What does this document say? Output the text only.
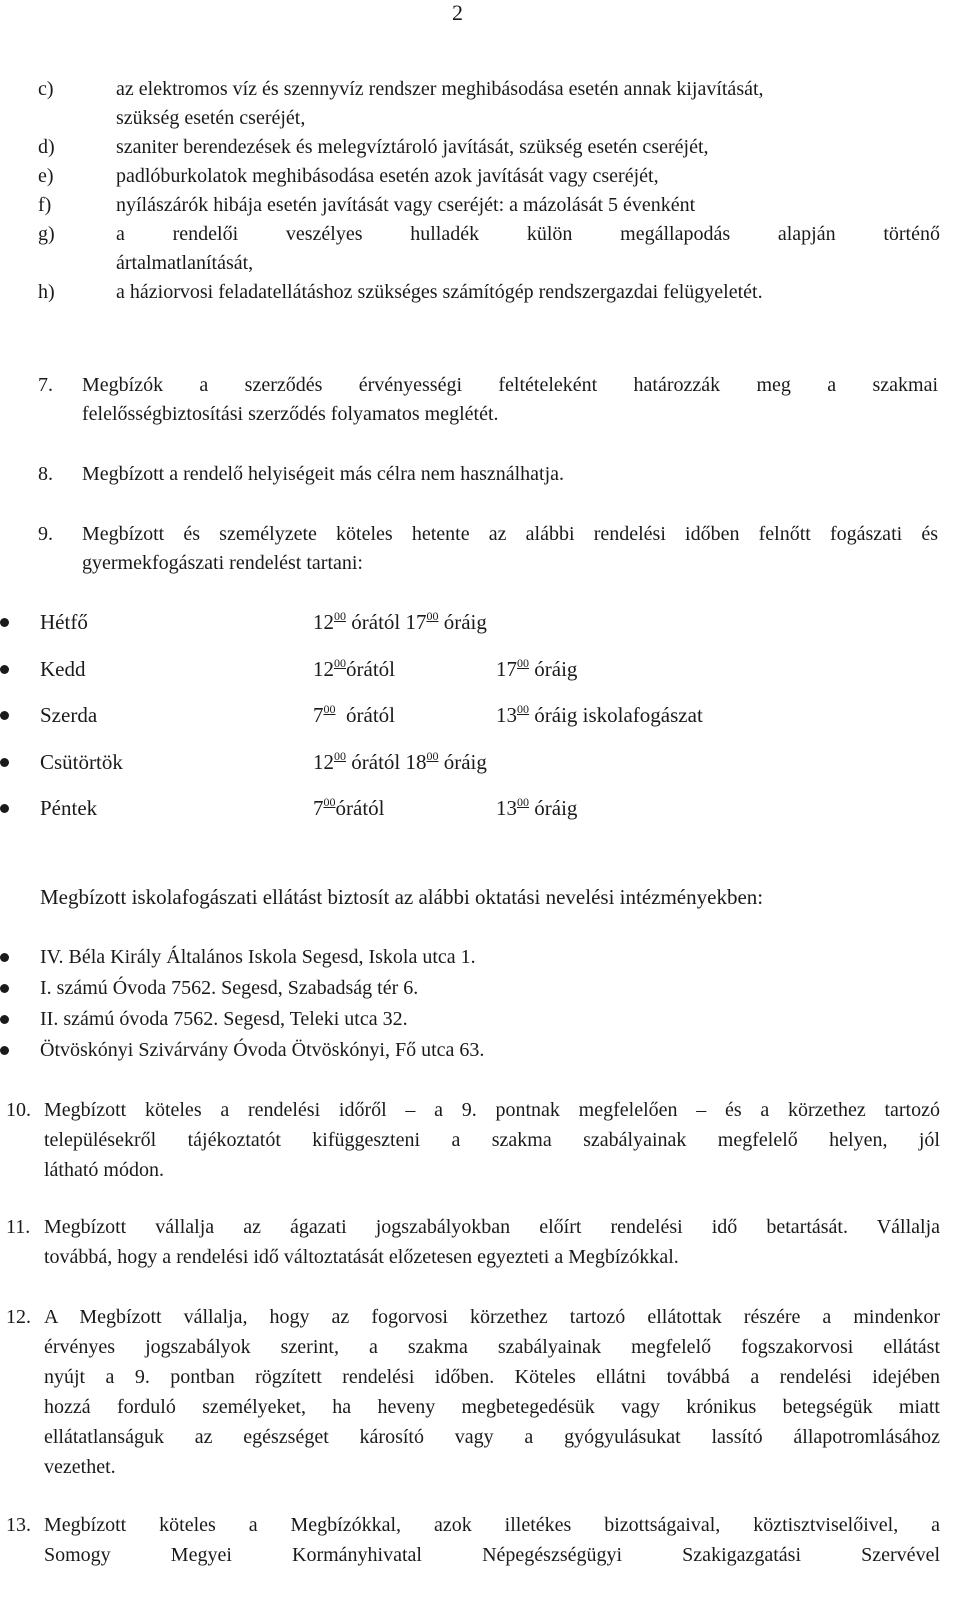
2
c)	az elektromos víz és szennyvíz rendszer meghibásodása esetén annak kijavítását,
szükség esetén cseréjét,
d)	szaniter berendezések és melegvíztároló javítását, szükség esetén cseréjét,
e)	padlóburkolatok meghibásodása esetén azok javítását vagy cseréjét,
f)	nyílászárók hibája esetén javítását vagy cseréjét: a mázolását 5 évenként
g)	a rendelői veszélyes hulladék külön megállapodás alapján történő
ártalmatlanítását,
h)	a háziorvosi feladatellátáshoz szükséges számítógép rendszergazdai felügyeletét.
7. Megbízók a szerződés érvényességi feltételeként határozzák meg a szakmai
felelősségbiztosítási szerződés folyamatos meglétét.
8. Megbízott a rendelő helyiségeit más célra nem használhatja.
9. Megbízott és személyzete köteles hetente az alábbi rendelési időben felnőtt fogászati és
gyermekfogászati rendelést tartani:
Hétfő	$12^{00}$ órától $17^{00}$ óráig
Kedd	$12^{00}órától$	$17^{00}$ óráig
Szerda	$7^{00}$  órától	$13^{00}$ óráig iskolafogászat
Csütörtök	$12^{00}$ órától $18^{00}$ óráig
Péntek	$7^{00}órától$	$13^{00}$ óráig
Megbízott iskolafogászati ellátást biztosít az alábbi oktatási nevelési intézményekben:
IV. Béla Király Általános Iskola Segesd, Iskola utca 1.
I. számú Óvoda 7562. Segesd, Szabadság tér 6.
II. számú óvoda 7562. Segesd, Teleki utca 32.
Ötvöskónyi Szivárvány Óvoda Ötvöskónyi, Fő utca 63.
10. Megbízott köteles a rendelési időről – a 9. pontnak megfelelően – és a körzethez tartozó
településekről tájékoztatót kifüggeszteni a szakma szabályainak megfelelő helyen, jól
látható módon.
11. Megbízott vállalja az ágazati jogszabályokban előírt rendelési idő betartását. Vállalja
továbbá, hogy a rendelési idő változtatását előzetesen egyezteti a Megbízókkal.
12. A Megbízott vállalja, hogy az fogorvosi körzethez tartozó ellátottak részére a mindenkor
érvényes jogszabályok szerint, a szakma szabályainak megfelelő fogszakorvosi ellátást
nyújt a 9. pontban rögzített rendelési időben. Köteles ellátni továbbá a rendelési idejében
hozzá forduló személyeket, ha heveny megbetegedésük vagy krónikus betegségük miatt
ellátatlanságuk az egészséget károsító vagy a gyógyulásukat lassító állapotromlásához
vezethet.
13. Megbízott köteles a Megbízókkal, azok illetékes bizottságaival, köztisztviselőivel, a
Somogy Megyei Kormányhivatal Népegészségügyi Szakigazgatási Szervével
